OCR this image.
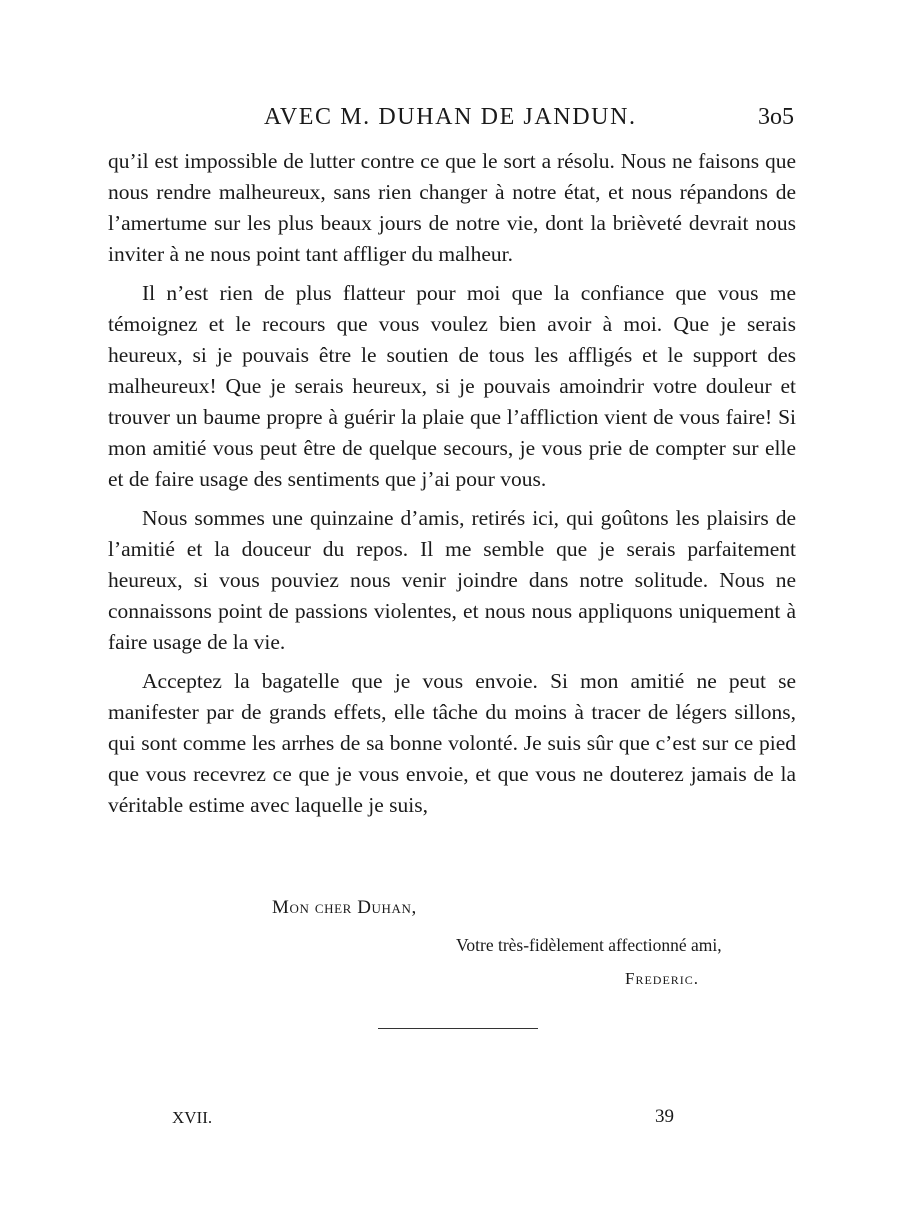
AVEC M. DUHAN DE JANDUN.	3o5

qu’il est impossible de lutter contre ce que le sort a résolu. Nous ne faisons que nous rendre malheureux, sans rien changer à notre état, et nous répandons de l’amertume sur les plus beaux jours de notre vie, dont la brièveté devrait nous inviter à ne nous point tant affliger du malheur.

Il n’est rien de plus flatteur pour moi que la confiance que vous me témoignez et le recours que vous voulez bien avoir à moi. Que je serais heureux, si je pouvais être le soutien de tous les affligés et le support des malheureux! Que je serais heureux, si je pouvais amoindrir votre douleur et trouver un baume propre à guérir la plaie que l’affliction vient de vous faire! Si mon amitié vous peut être de quelque secours, je vous prie de compter sur elle et de faire usage des sentiments que j’ai pour vous.

Nous sommes une quinzaine d’amis, retirés ici, qui goûtons les plaisirs de l’amitié et la douceur du repos. Il me semble que je serais parfaitement heureux, si vous pouviez nous venir joindre dans notre solitude. Nous ne connaissons point de passions violentes, et nous nous appliquons uniquement à faire usage de la vie.

Acceptez la bagatelle que je vous envoie. Si mon amitié ne peut se manifester par de grands effets, elle tâche du moins à tracer de légers sillons, qui sont comme les arrhes de sa bonne volonté. Je suis sûr que c’est sur ce pied que vous recevrez ce que je vous envoie, et que vous ne douterez jamais de la véritable estime avec laquelle je suis,

Mon cher Duhan,
Votre très-fidèlement affectionné ami,
Frederic.
XVII.	39
